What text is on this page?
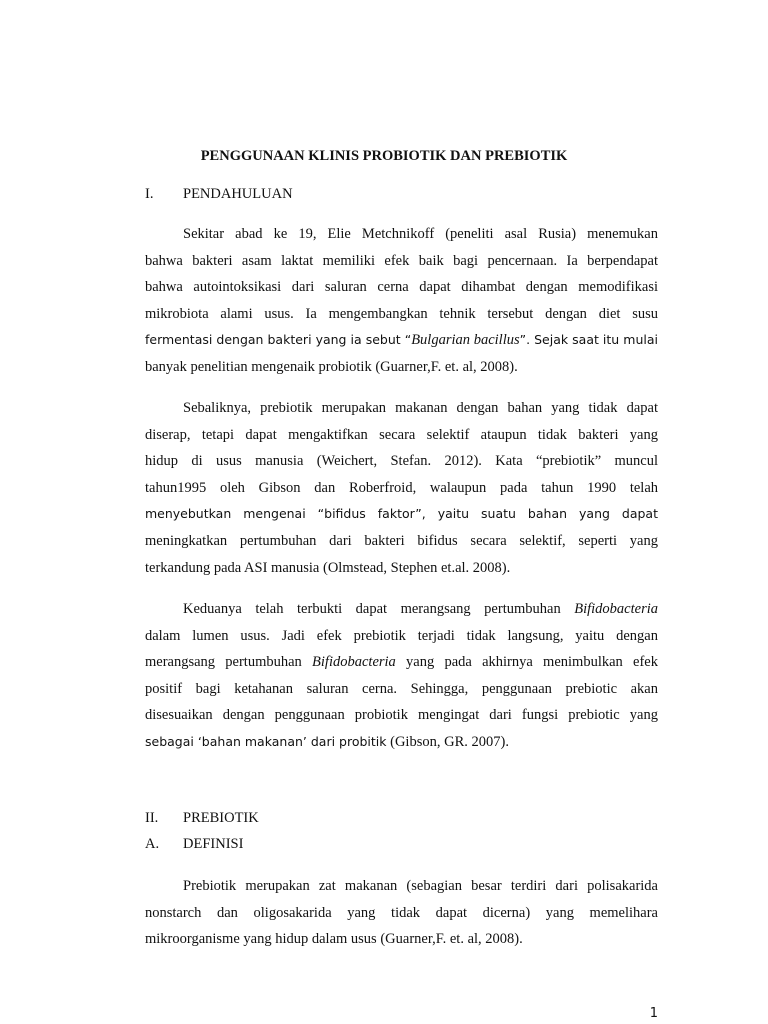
PENGGUNAAN KLINIS PROBIOTIK DAN PREBIOTIK
I.	PENDAHULUAN
Sekitar abad ke 19, Elie Metchnikoff (peneliti asal Rusia) menemukan
bahwa bakteri asam laktat memiliki efek baik bagi pencernaan. Ia berpendapat
bahwa autointoksikasi dari saluran cerna dapat dihambat dengan memodifikasi
mikrobiota alami usus. Ia mengembangkan tehnik tersebut dengan diet susu
fermentasi dengan bakteri yang ia sebut “Bulgarian bacillus”. Sejak saat itu mulai
banyak penelitian mengenaik probiotik (Guarner,F. et. al, 2008).
Sebaliknya, prebiotik merupakan makanan dengan bahan yang tidak dapat
diserap, tetapi dapat mengaktifkan secara selektif ataupun tidak bakteri yang
hidup di usus manusia (Weichert, Stefan. 2012). Kata “prebiotik” muncul
tahun1995 oleh Gibson dan Roberfroid, walaupun pada tahun 1990 telah
menyebutkan mengenai “bifidus faktor”, yaitu suatu bahan yang dapat
meningkatkan pertumbuhan dari bakteri bifidus secara selektif, seperti yang
terkandung pada ASI manusia (Olmstead, Stephen et.al. 2008).
Keduanya telah terbukti dapat merangsang pertumbuhan Bifidobacteria
dalam lumen usus. Jadi efek prebiotik terjadi tidak langsung, yaitu dengan
merangsang pertumbuhan Bifidobacteria yang pada akhirnya menimbulkan efek
positif bagi ketahanan saluran cerna. Sehingga, penggunaan prebiotic akan
disesuaikan dengan penggunaan probiotik mengingat dari fungsi prebiotic yang
sebagai ‘bahan makanan’ dari probitik (Gibson, GR. 2007).
II.	PREBIOTIK
A.	DEFINISI
Prebiotik merupakan zat makanan (sebagian besar terdiri dari polisakarida
nonstarch dan oligosakarida yang tidak dapat dicerna) yang memelihara
mikroorganisme yang hidup dalam usus (Guarner,F. et. al, 2008).
1
